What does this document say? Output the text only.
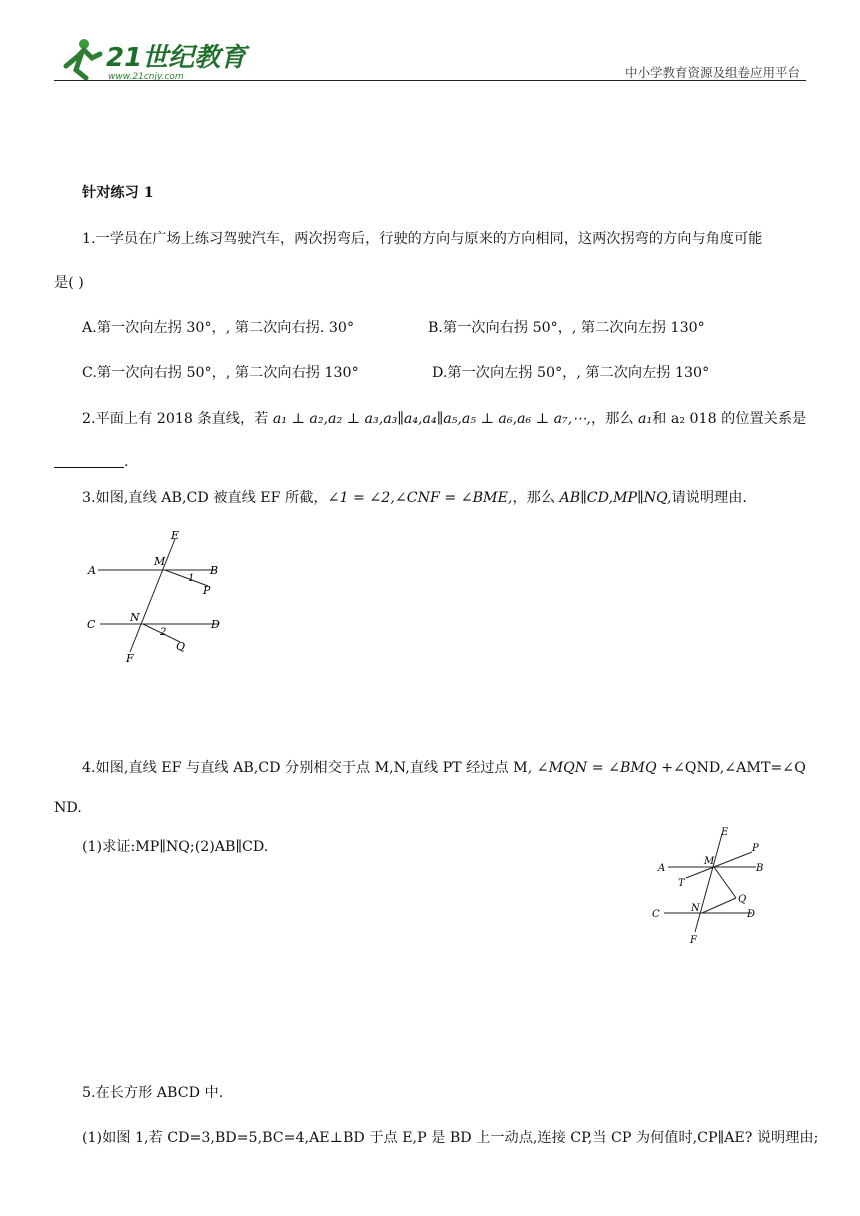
21世纪教育
www.21cnjy.com	中小学教育资源及组卷应用平台
针对练习 1
1.一学员在广场上练习驾驶汽车，两次拐弯后，行驶的方向与原来的方向相同，这两次拐弯的方向与角度可能
是( )
A.第一次向左拐 30°，, 第二次向右拐. 30°	B.第一次向右拐 50°，, 第二次向左拐 130°
C.第一次向右拐 50°，, 第二次向右拐 130°	D.第一次向左拐 50°，, 第二次向左拐 130°
2.平面上有 2018 条直线，若 a₁ ⊥ a₂,a₂ ⊥ a₃,a₃∥a₄,a₄∥a₅,a₅ ⊥ a₆,a₆ ⊥ a₇,⋯,，那么 a₁和 a₂ 018 的位置关系是
.
3.如图,直线 AB,CD 被直线 EF 所截，∠1 = ∠2,∠CNF = ∠BME,，那么 AB∥CD,MP∥NQ,请说明理由.
E
A
M
B
1
P
C
N
D
2
Q
F
4.如图,直线 EF 与直线 AB,CD 分别相交于点 M,N,直线 PT 经过点 M, ∠MQN = ∠BMQ +∠QND,∠AMT=∠Q
ND.
(1)求证:MP∥NQ;(2)AB∥CD.
E
P
A
M
B
T
Q
C
N
D
F
5.在长方形 ABCD 中.
(1)如图 1,若 CD=3,BD=5,BC=4,AE⊥BD 于点 E,P 是 BD 上一动点,连接 CP,当 CP 为何值时,CP∥AE? 说明理由;
